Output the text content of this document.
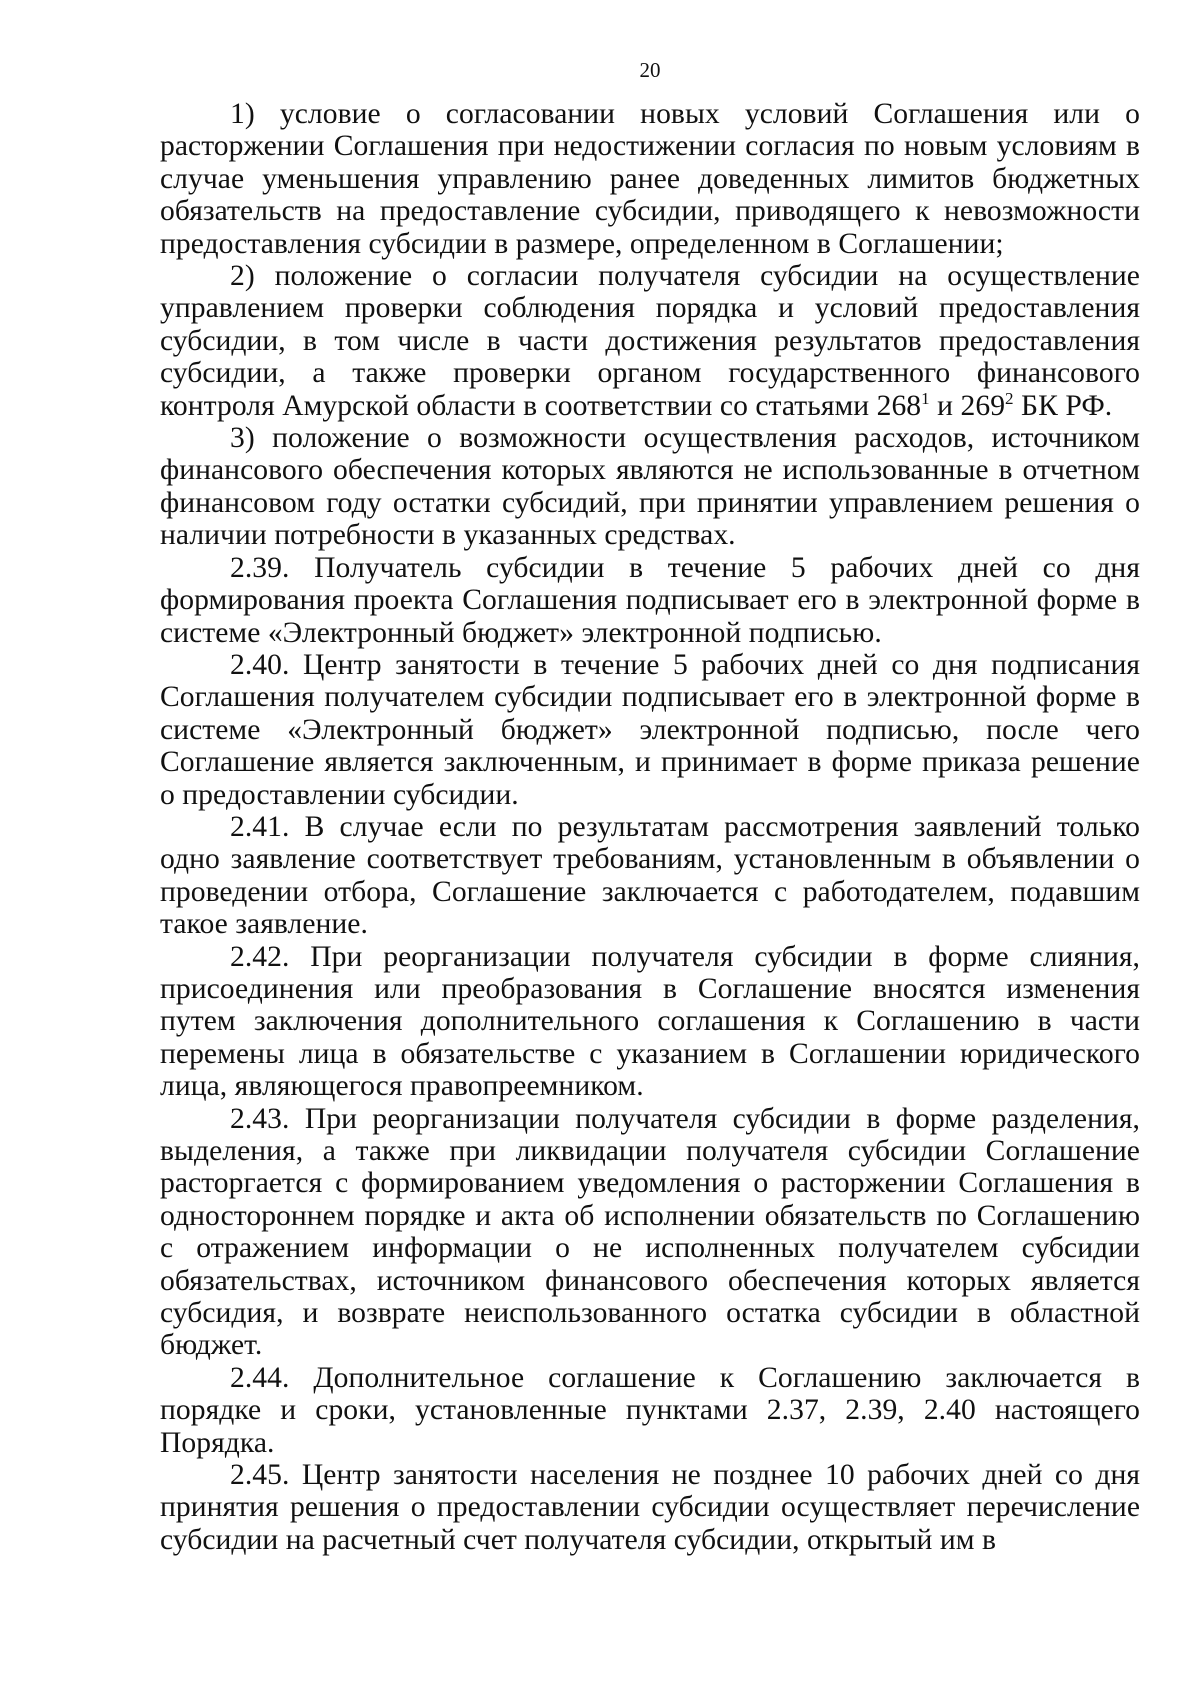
20

1) условие о согласовании новых условий Соглашения или о расторжении Соглашения при недостижении согласия по новым условиям в случае уменьшения управлению ранее доведенных лимитов бюджетных обязательств на предоставление субсидии, приводящего к невозможности предоставления субсидии в размере, определенном в Соглашении;

2) положение о согласии получателя субсидии на осуществление управлением проверки соблюдения порядка и условий предоставления субсидии, в том числе в части достижения результатов предоставления субсидии, а также проверки органом государственного финансового контроля Амурской области в соответствии со статьями $268^1$ и $269^2$ БК РФ.

3) положение о возможности осуществления расходов, источником финансового обеспечения которых являются не использованные в отчетном финансовом году остатки субсидий, при принятии управлением решения о наличии потребности в указанных средствах.

2.39. Получатель субсидии в течение 5 рабочих дней со дня формирования проекта Соглашения подписывает его в электронной форме в системе «Электронный бюджет» электронной подписью.

2.40. Центр занятости в течение 5 рабочих дней со дня подписания Соглашения получателем субсидии подписывает его в электронной форме в системе «Электронный бюджет» электронной подписью, после чего Соглашение является заключенным, и принимает в форме приказа решение о предоставлении субсидии.

2.41. В случае если по результатам рассмотрения заявлений только одно заявление соответствует требованиям, установленным в объявлении о проведении отбора, Соглашение заключается с работодателем, подавшим такое заявление.

2.42. При реорганизации получателя субсидии в форме слияния, присоединения или преобразования в Соглашение вносятся изменения путем заключения дополнительного соглашения к Соглашению в части перемены лица в обязательстве с указанием в Соглашении юридического лица, являющегося правопреемником.

2.43. При реорганизации получателя субсидии в форме разделения, выделения, а также при ликвидации получателя субсидии Соглашение расторгается с формированием уведомления о расторжении Соглашения в одностороннем порядке и акта об исполнении обязательств по Соглашению с отражением информации о не исполненных получателем субсидии обязательствах, источником финансового обеспечения которых является субсидия, и возврате неиспользованного остатка субсидии в областной бюджет.

2.44. Дополнительное соглашение к Соглашению заключается в порядке и сроки, установленные пунктами 2.37, 2.39, 2.40 настоящего Порядка.

2.45. Центр занятости населения не позднее 10 рабочих дней со дня принятия решения о предоставлении субсидии осуществляет перечисление субсидии на расчетный счет получателя субсидии, открытый им в
